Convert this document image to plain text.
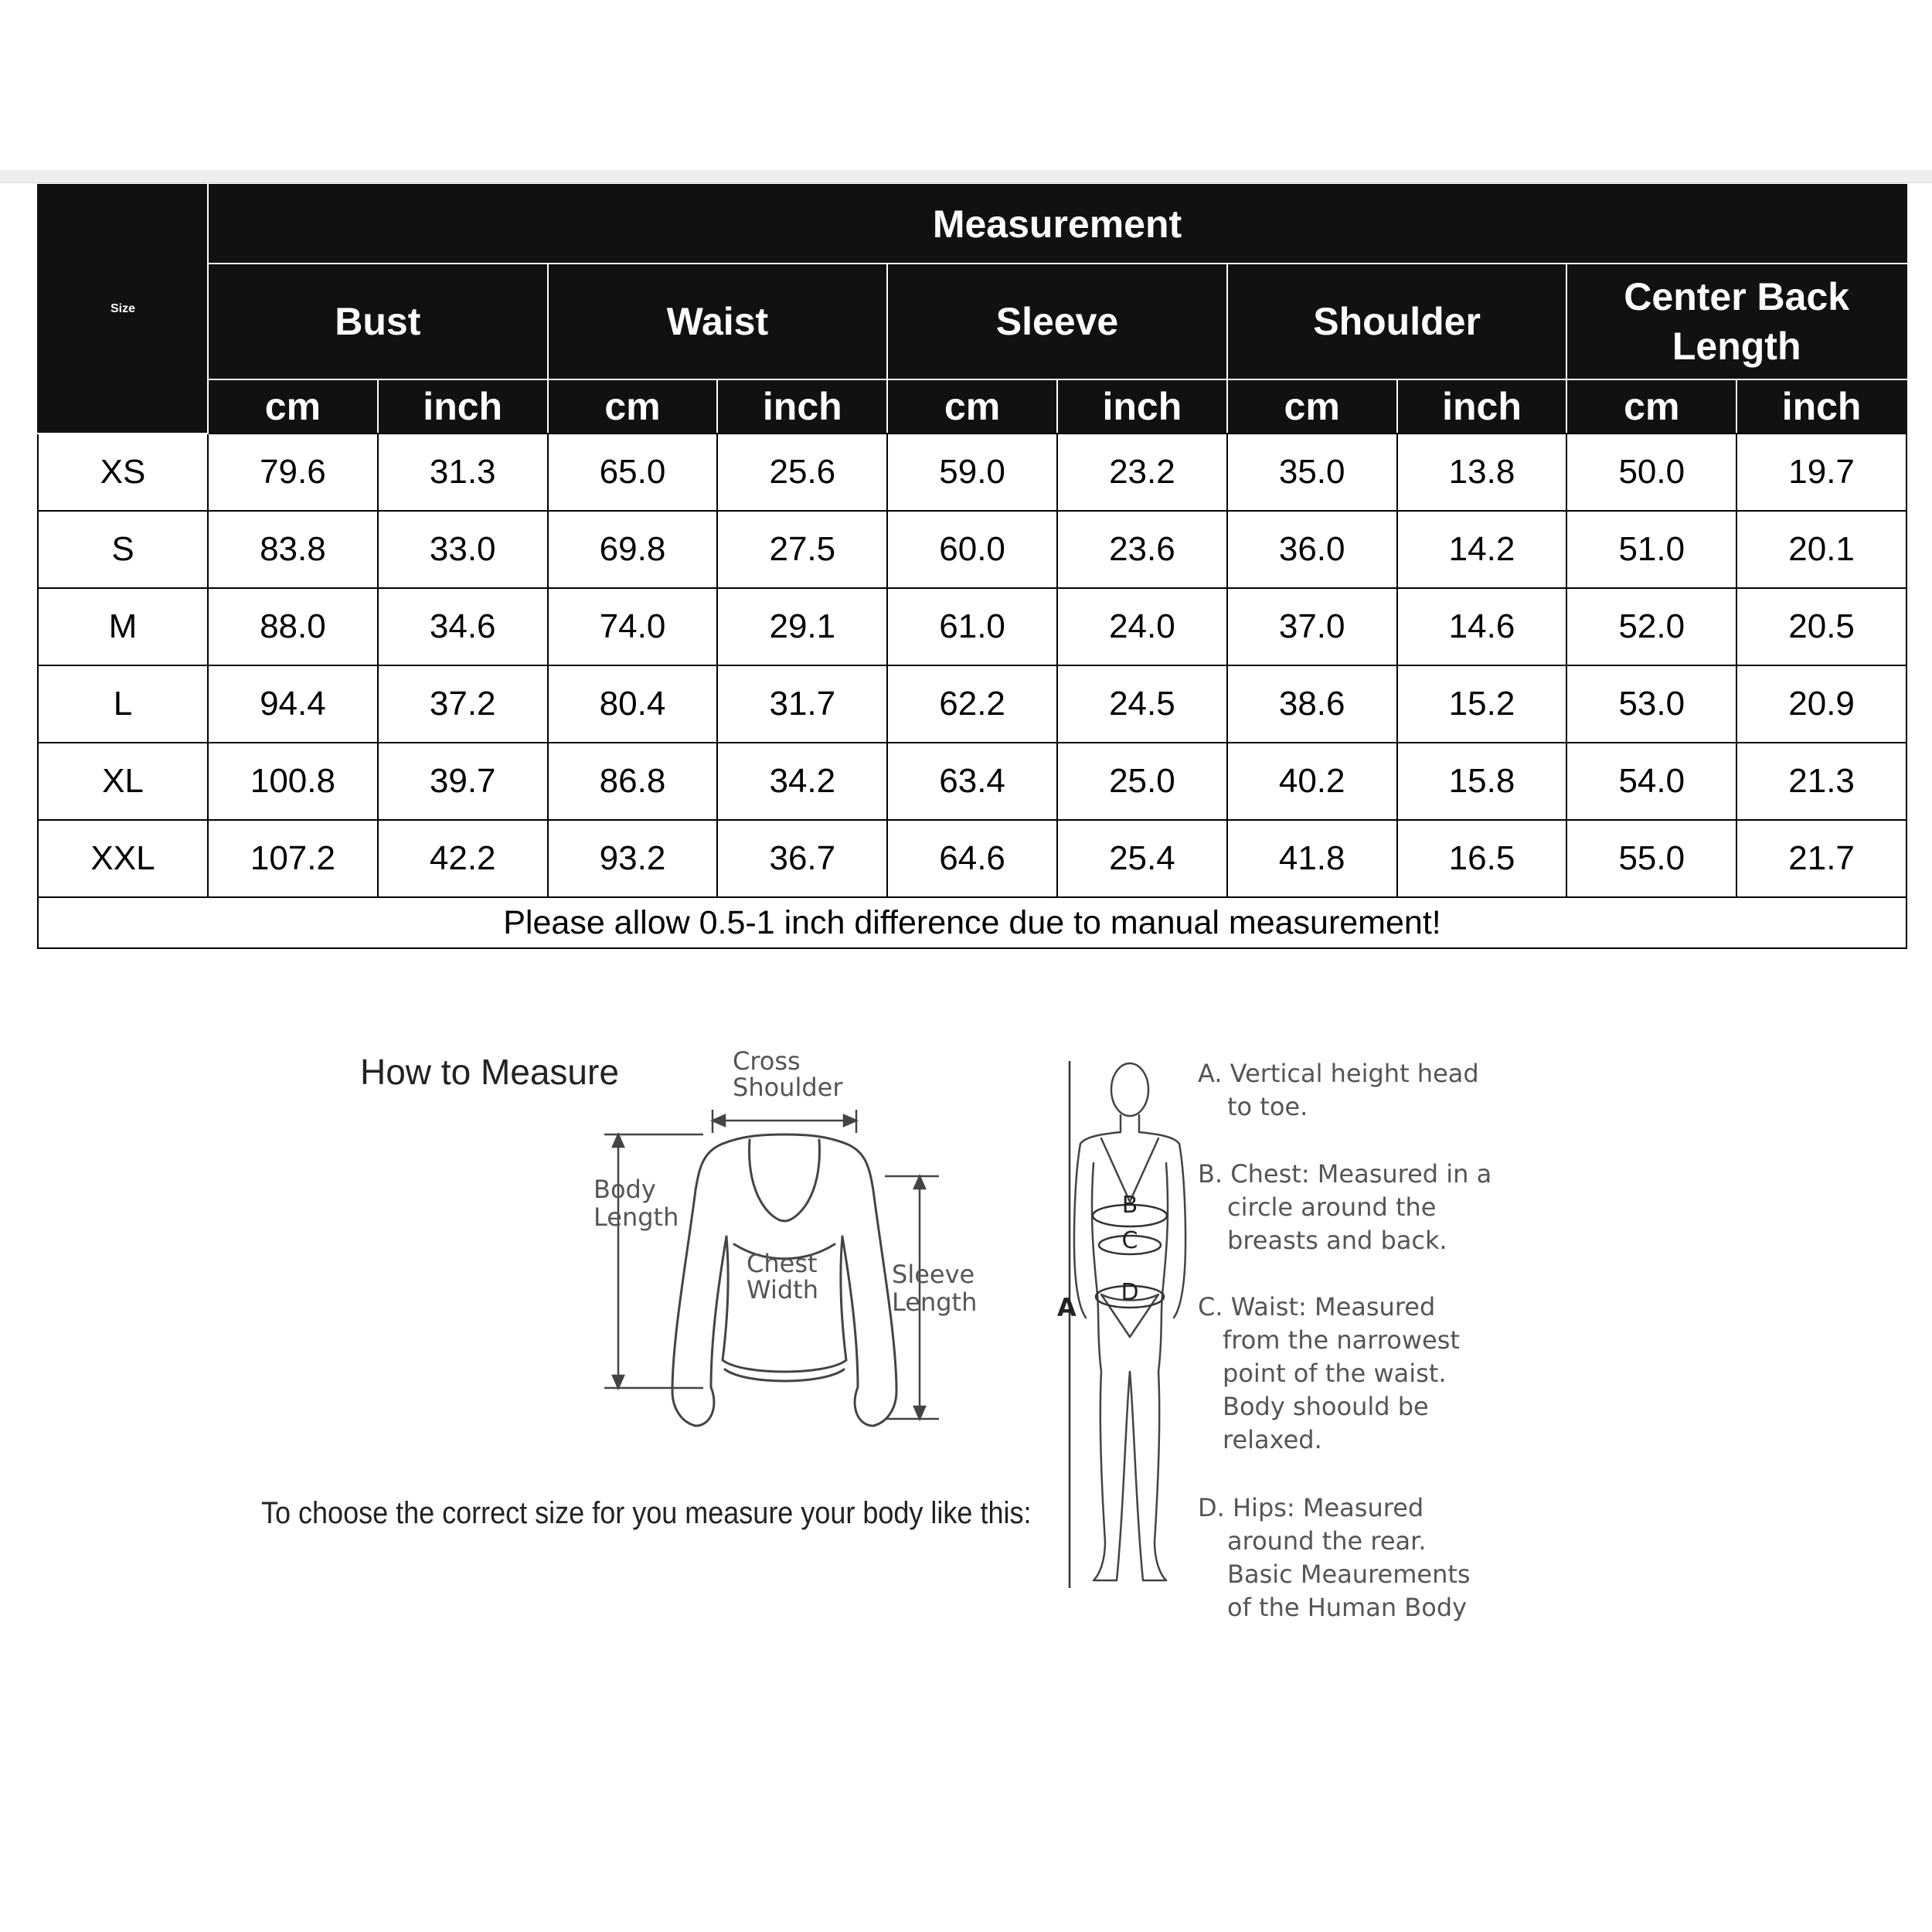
Size	Measurement									
	Bust		Waist		Sleeve		Shoulder		Center Back
Length	
	cm	inch	cm	inch	cm	inch	cm	inch	cm	inch
XS	79.6	31.3	65.0	25.6	59.0	23.2	35.0	13.8	50.0	19.7
S	83.8	33.0	69.8	27.5	60.0	23.6	36.0	14.2	51.0	20.1
M	88.0	34.6	74.0	29.1	61.0	24.0	37.0	14.6	52.0	20.5
L	94.4	37.2	80.4	31.7	62.2	24.5	38.6	15.2	53.0	20.9
XL	100.8	39.7	86.8	34.2	63.4	25.0	40.2	15.8	54.0	21.3
XXL	107.2	42.2	93.2	36.7	64.6	25.4	41.8	16.5	55.0	21.7
Please allow 0.5-1 inch difference due to manual measurement!										
How to Measure
To choose the correct size for you measure your body like this:
Cross
Shoulder
Body
Length
Chest
Width
Sleeve
Length
B
C
D
A
A. Vertical height head
to toe.
B. Chest: Measured in a
circle around the
breasts and back.
C. Waist: Measured
from the narrowest
point of the waist.
Body shoould be
relaxed.
D. Hips: Measured
around the rear.
Basic Meaurements
of the Human Body
